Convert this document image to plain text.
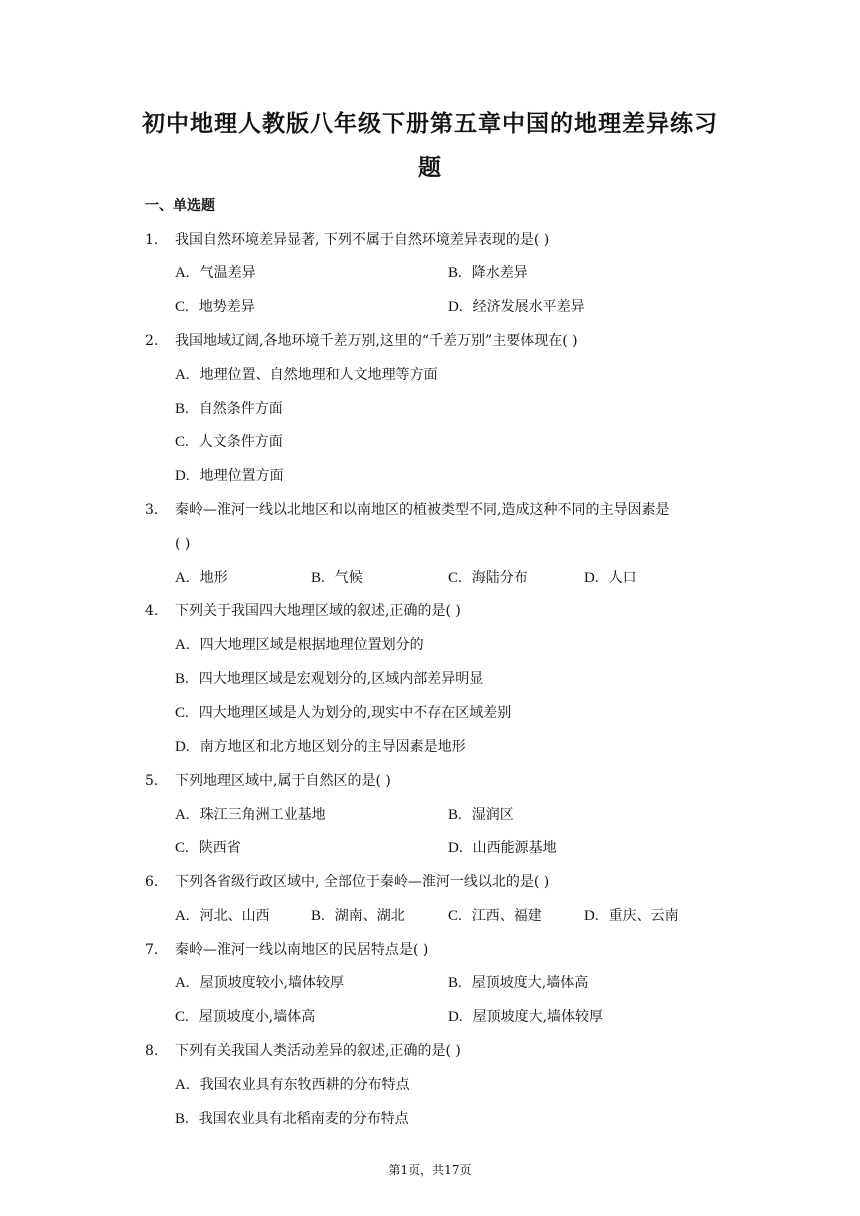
初中地理人教版八年级下册第五章中国的地理差异练习
题
一、单选题
1. 我国自然环境差异显著, 下列不属于自然环境差异表现的是( )
A. 气温差异	B. 降水差异
C. 地势差异	D. 经济发展水平差异
2. 我国地域辽阔,各地环境千差万别,这里的“千差万别”主要体现在( )
A. 地理位置、自然地理和人文地理等方面
B. 自然条件方面
C. 人文条件方面
D. 地理位置方面
3. 秦岭—淮河一线以北地区和以南地区的植被类型不同,造成这种不同的主导因素是
( )
A. 地形	B. 气候	C. 海陆分布	D. 人口
4. 下列关于我国四大地理区域的叙述,正确的是( )
A. 四大地理区域是根据地理位置划分的
B. 四大地理区域是宏观划分的,区域内部差异明显
C. 四大地理区域是人为划分的,现实中不存在区域差别
D. 南方地区和北方地区划分的主导因素是地形
5. 下列地理区域中,属于自然区的是( )
A. 珠江三角洲工业基地	B. 湿润区
C. 陕西省	D. 山西能源基地
6. 下列各省级行政区域中, 全部位于秦岭—淮河一线以北的是( )
A. 河北、山西	B. 湖南、湖北	C. 江西、福建	D. 重庆、云南
7. 秦岭—淮河一线以南地区的民居特点是( )
A. 屋顶坡度较小,墙体较厚	B. 屋顶坡度大,墙体高
C. 屋顶坡度小,墙体高	D. 屋顶坡度大,墙体较厚
8. 下列有关我国人类活动差异的叙述,正确的是( )
A. 我国农业具有东牧西耕的分布特点
B. 我国农业具有北稻南麦的分布特点
第1页，共17页
